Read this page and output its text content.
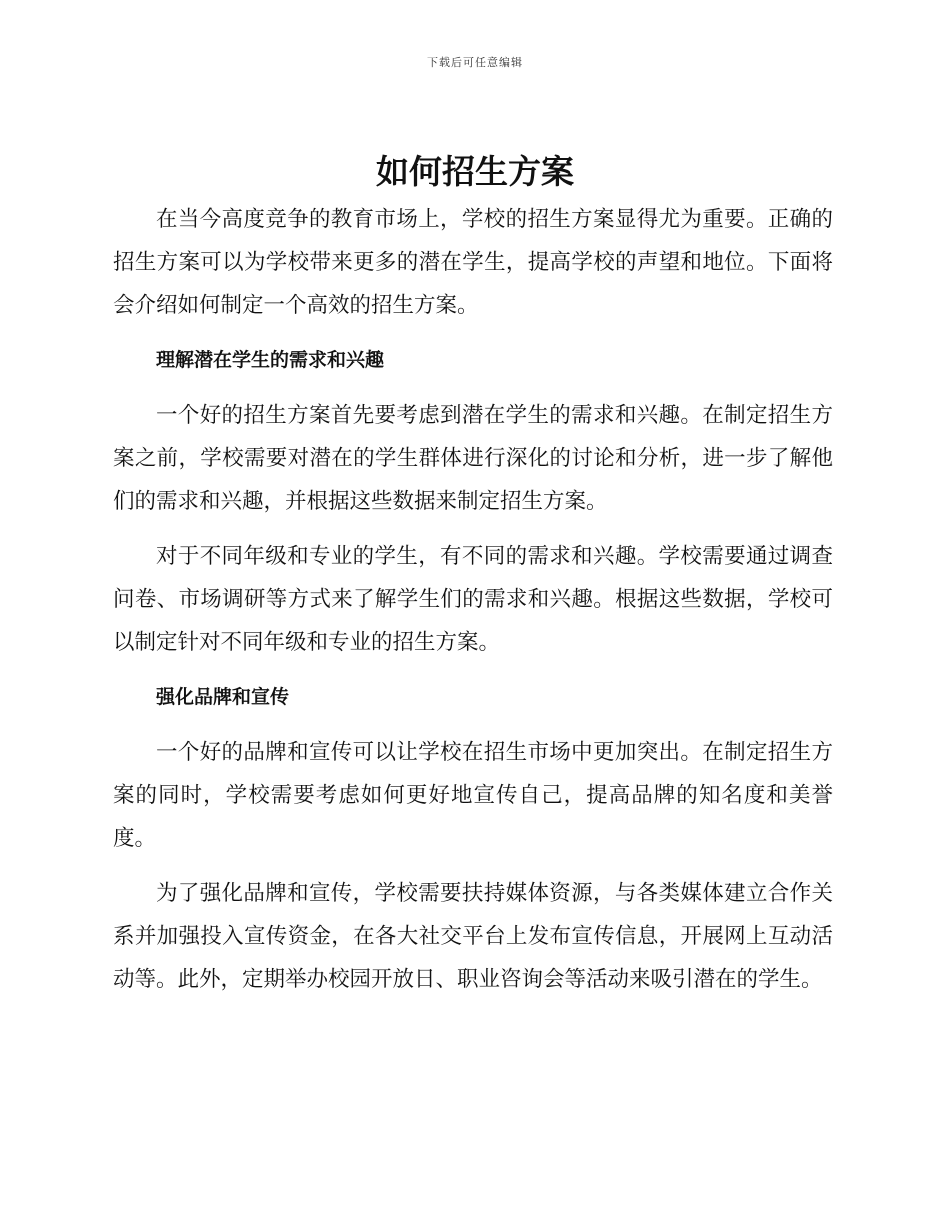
下载后可任意编辑
如何招生方案

在当今高度竞争的教育市场上，学校的招生方案显得尤为重要。正确的招生方案可以为学校带来更多的潜在学生，提高学校的声望和地位。下面将会介绍如何制定一个高效的招生方案。

理解潜在学生的需求和兴趣

一个好的招生方案首先要考虑到潜在学生的需求和兴趣。在制定招生方案之前，学校需要对潜在的学生群体进行深化的讨论和分析，进一步了解他们的需求和兴趣，并根据这些数据来制定招生方案。

对于不同年级和专业的学生，有不同的需求和兴趣。学校需要通过调查问卷、市场调研等方式来了解学生们的需求和兴趣。根据这些数据，学校可以制定针对不同年级和专业的招生方案。

强化品牌和宣传

一个好的品牌和宣传可以让学校在招生市场中更加突出。在制定招生方案的同时，学校需要考虑如何更好地宣传自己，提高品牌的知名度和美誉度。

为了强化品牌和宣传，学校需要扶持媒体资源，与各类媒体建立合作关系并加强投入宣传资金，在各大社交平台上发布宣传信息，开展网上互动活动等。此外，定期举办校园开放日、职业咨询会等活动来吸引潜在的学生。
